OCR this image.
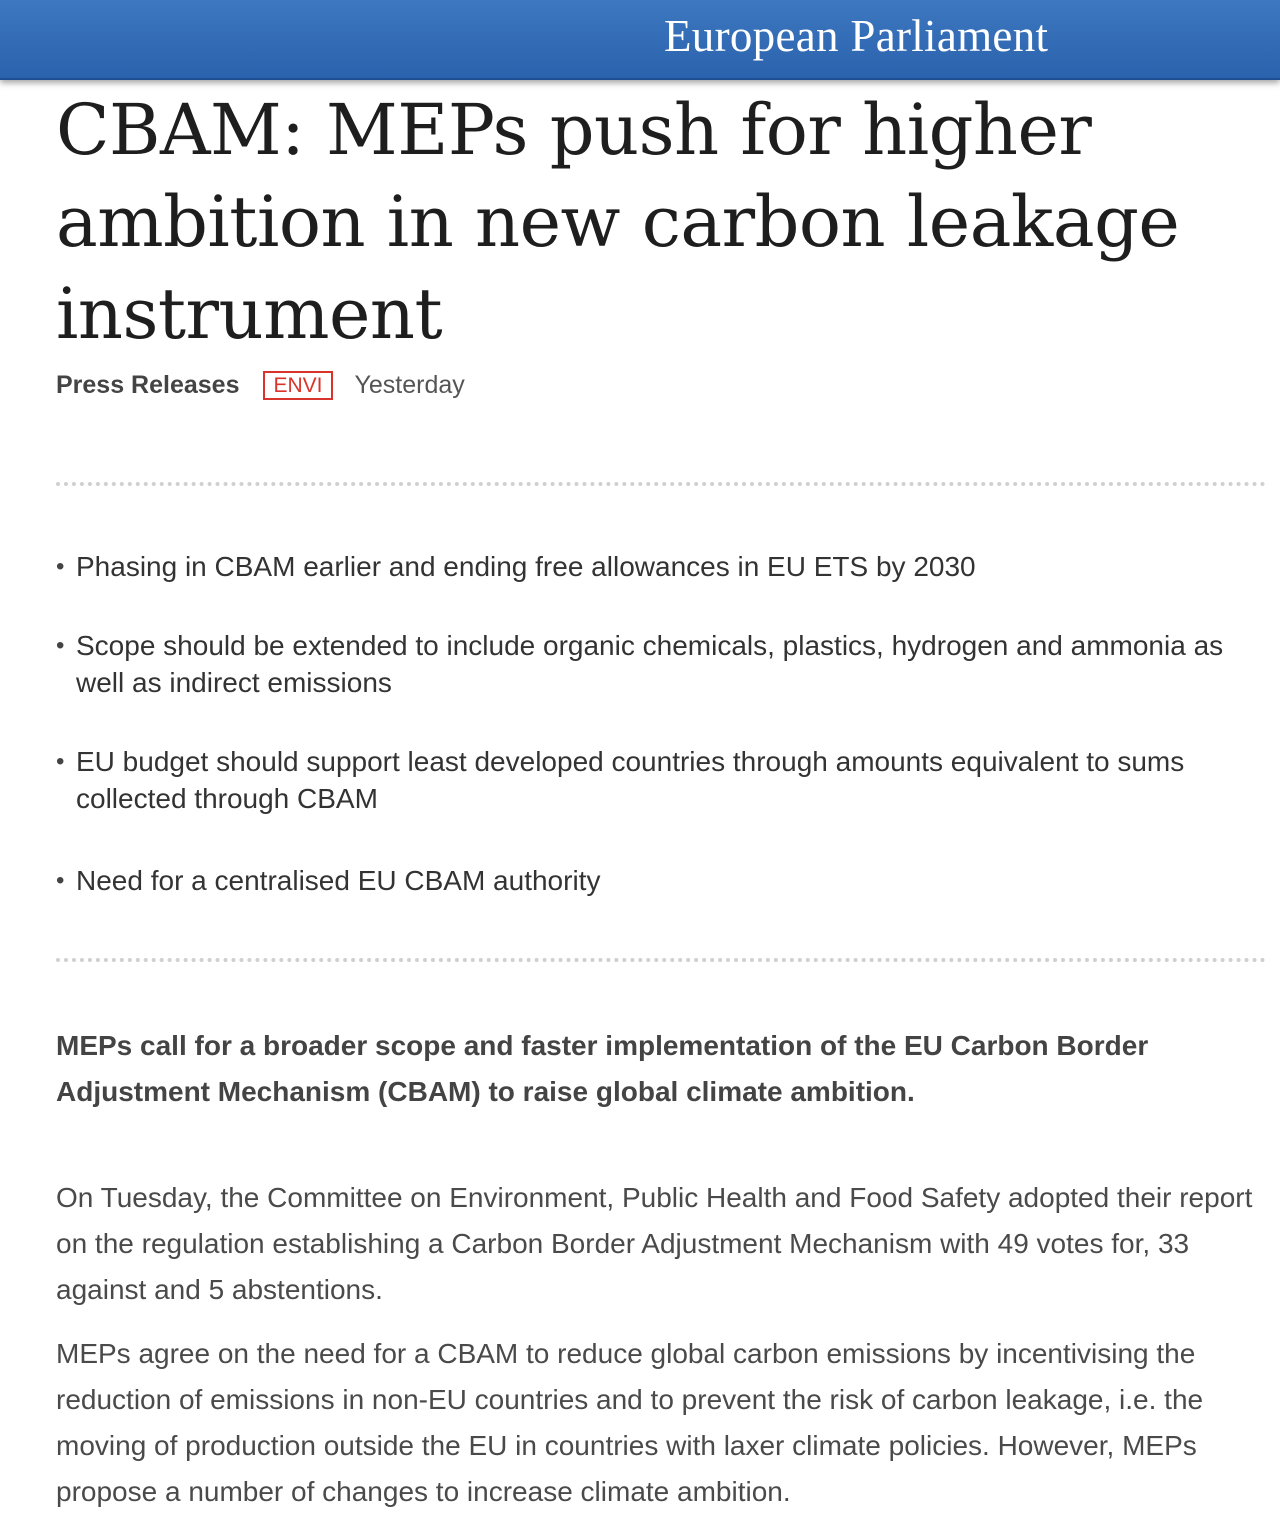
European Parliament
CBAM: MEPs push for higher ambition in new carbon leakage instrument
Press Releases	ENVI	Yesterday
• Phasing in CBAM earlier and ending free allowances in EU ETS by 2030
• Scope should be extended to include organic chemicals, plastics, hydrogen and ammonia as well as indirect emissions
• EU budget should support least developed countries through amounts equivalent to sums collected through CBAM
• Need for a centralised EU CBAM authority

MEPs call for a broader scope and faster implementation of the EU Carbon Border Adjustment Mechanism (CBAM) to raise global climate ambition.

On Tuesday, the Committee on Environment, Public Health and Food Safety adopted their report on the regulation establishing a Carbon Border Adjustment Mechanism with 49 votes for, 33 against and 5 abstentions.

MEPs agree on the need for a CBAM to reduce global carbon emissions by incentivising the reduction of emissions in non-EU countries and to prevent the risk of carbon leakage, i.e. the moving of production outside the EU in countries with laxer climate policies. However, MEPs propose a number of changes to increase climate ambition.
